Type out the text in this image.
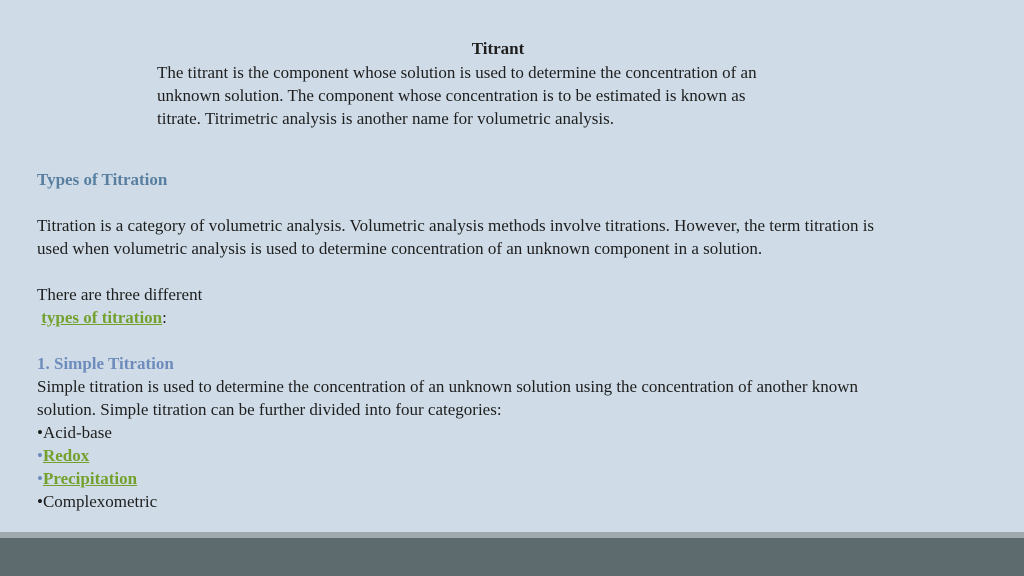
Titrant
The titrant is the component whose solution is used to determine the concentration of an
unknown solution. The component whose concentration is to be estimated is known as
titrate. Titrimetric analysis is another name for volumetric analysis.
Types of Titration
Titration is a category of volumetric analysis. Volumetric analysis methods involve titrations. However, the term titration is
used when volumetric analysis is used to determine concentration of an unknown component in a solution.
There are three different
types of titration:
1. Simple Titration
Simple titration is used to determine the concentration of an unknown solution using the concentration of another known
solution. Simple titration can be further divided into four categories:
•Acid-base
•Redox
•Precipitation
•Complexometric
